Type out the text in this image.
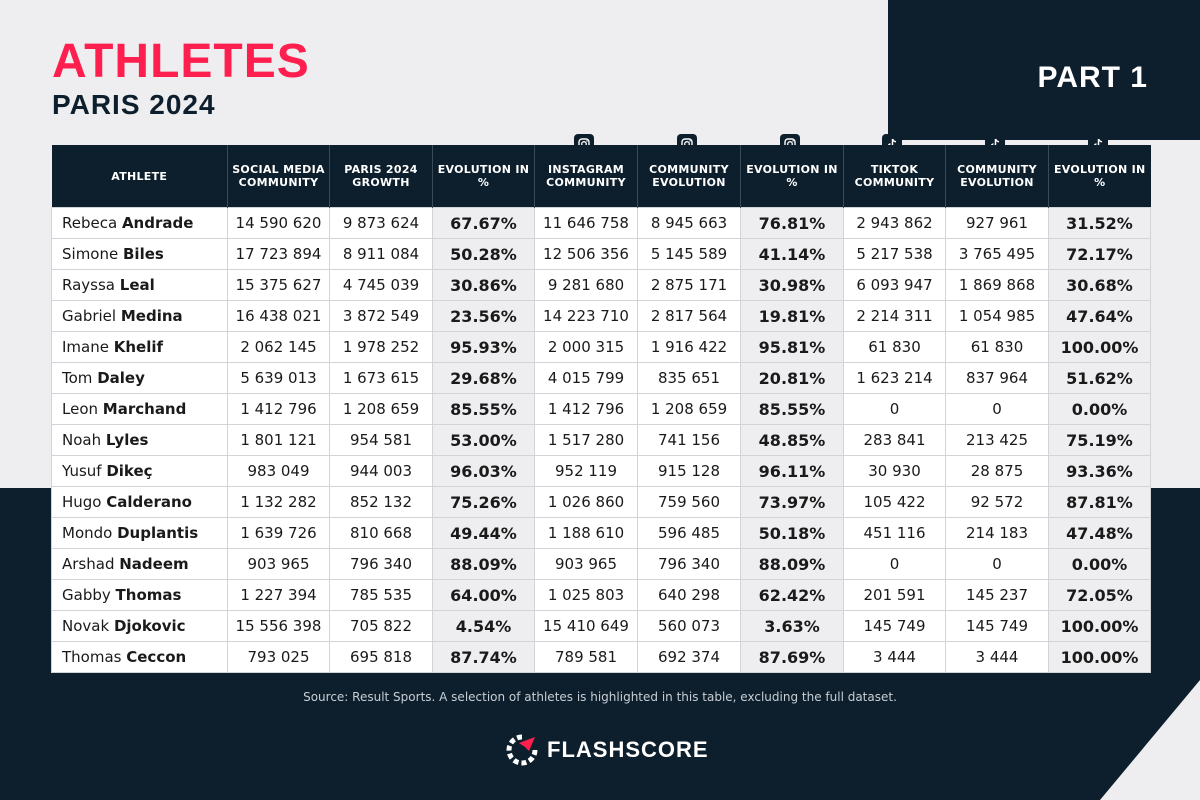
ATHLETES
PARIS 2024
PART 1
ATHLETE	SOCIAL MEDIA COMMUNITY	PARIS 2024 GROWTH	EVOLUTION IN %	INSTAGRAM COMMUNITY	COMMUNITY EVOLUTION	EVOLUTION IN %	TIKTOK COMMUNITY	COMMUNITY EVOLUTION	EVOLUTION IN %
Rebeca Andrade	14 590 620	9 873 624	67.67%	11 646 758	8 945 663	76.81%	2 943 862	927 961	31.52%
Simone Biles	17 723 894	8 911 084	50.28%	12 506 356	5 145 589	41.14%	5 217 538	3 765 495	72.17%
Rayssa Leal	15 375 627	4 745 039	30.86%	9 281 680	2 875 171	30.98%	6 093 947	1 869 868	30.68%
Gabriel Medina	16 438 021	3 872 549	23.56%	14 223 710	2 817 564	19.81%	2 214 311	1 054 985	47.64%
Imane Khelif	2 062 145	1 978 252	95.93%	2 000 315	1 916 422	95.81%	61 830	61 830	100.00%
Tom Daley	5 639 013	1 673 615	29.68%	4 015 799	835 651	20.81%	1 623 214	837 964	51.62%
Leon Marchand	1 412 796	1 208 659	85.55%	1 412 796	1 208 659	85.55%	0	0	0.00%
Noah Lyles	1 801 121	954 581	53.00%	1 517 280	741 156	48.85%	283 841	213 425	75.19%
Yusuf Dikeç	983 049	944 003	96.03%	952 119	915 128	96.11%	30 930	28 875	93.36%
Hugo Calderano	1 132 282	852 132	75.26%	1 026 860	759 560	73.97%	105 422	92 572	87.81%
Mondo Duplantis	1 639 726	810 668	49.44%	1 188 610	596 485	50.18%	451 116	214 183	47.48%
Arshad Nadeem	903 965	796 340	88.09%	903 965	796 340	88.09%	0	0	0.00%
Gabby Thomas	1 227 394	785 535	64.00%	1 025 803	640 298	62.42%	201 591	145 237	72.05%
Novak Djokovic	15 556 398	705 822	4.54%	15 410 649	560 073	3.63%	145 749	145 749	100.00%
Thomas Ceccon	793 025	695 818	87.74%	789 581	692 374	87.69%	3 444	3 444	100.00%
Source: Result Sports. A selection of athletes is highlighted in this table, excluding the full dataset.
FLASHSCORE
